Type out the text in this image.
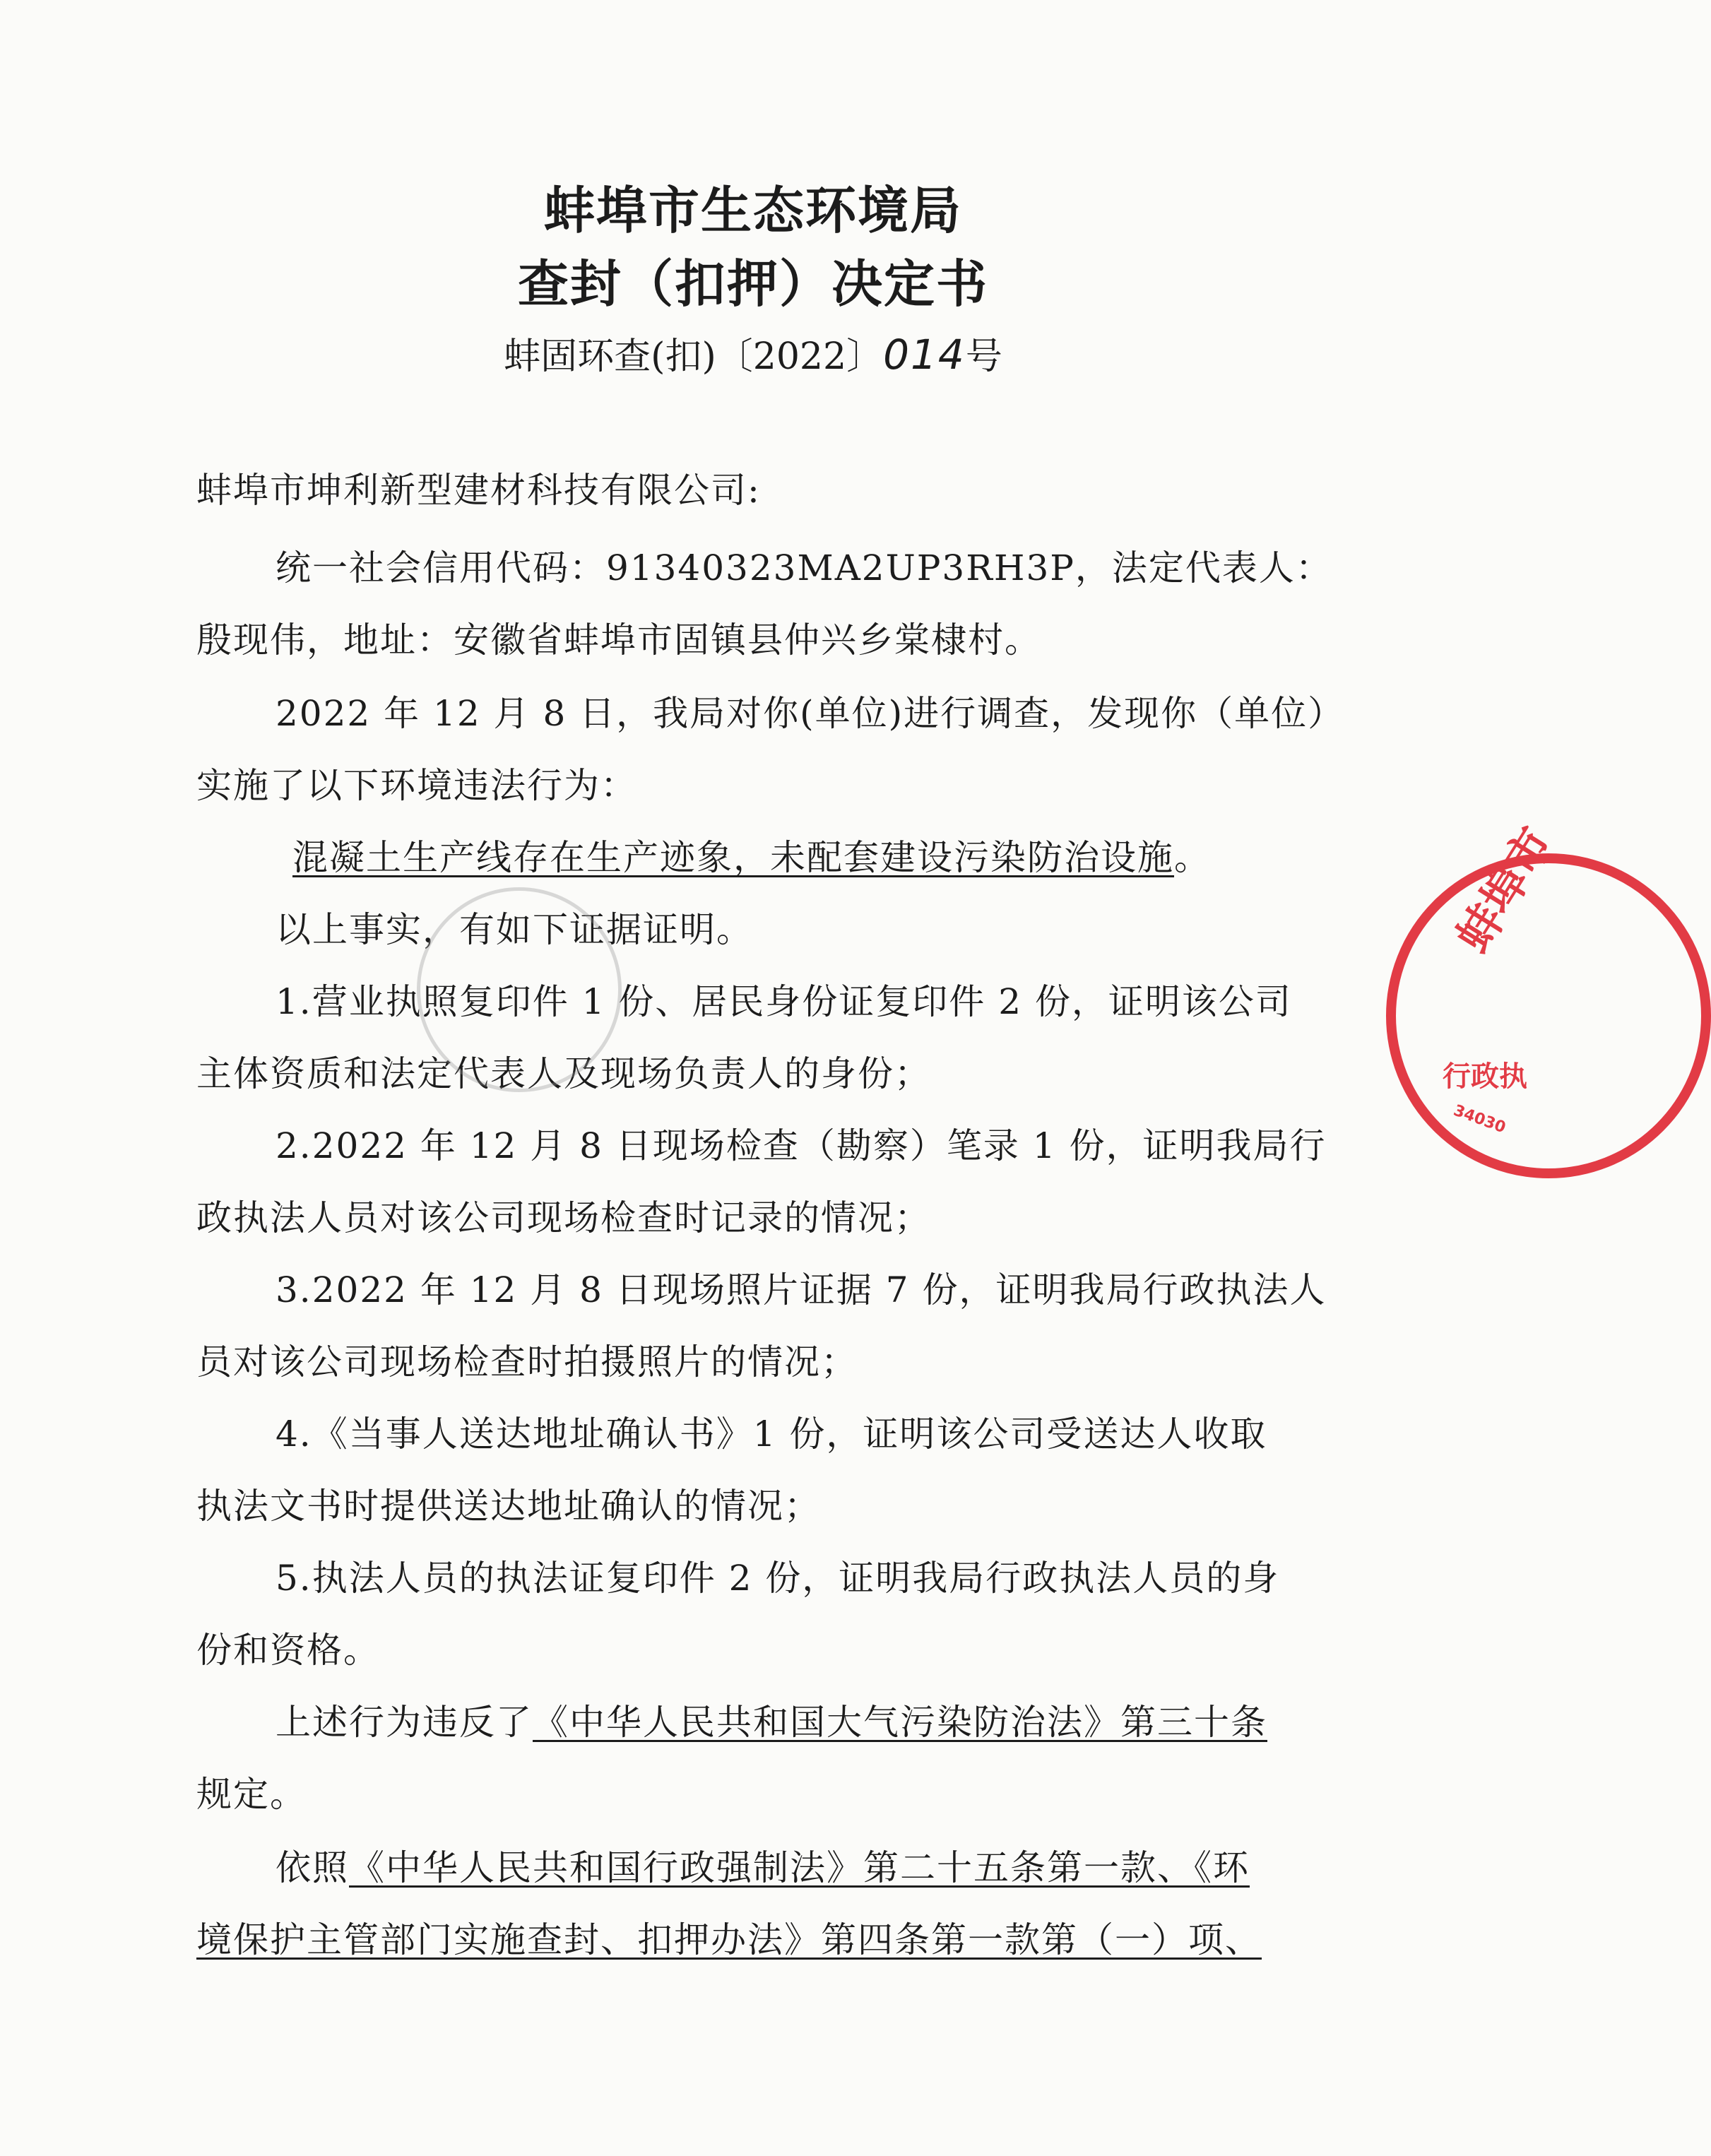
蚌埠市生态环境局
查封（扣押）决定书
蚌固环查(扣)〔2022〕014号
蚌埠市坤利新型建材科技有限公司:
统一社会信用代码：91340323MA2UP3RH3P，法定代表人：
殷现伟，地址：安徽省蚌埠市固镇县仲兴乡棠棣村。
2022 年 12 月 8 日，我局对你(单位)进行调查，发现你（单位）
实施了以下环境违法行为：
混凝土生产线存在生产迹象，未配套建设污染防治设施。
以上事实，有如下证据证明。
1.营业执照复印件 1 份、居民身份证复印件 2 份，证明该公司
主体资质和法定代表人及现场负责人的身份；
2.2022 年 12 月 8 日现场检查（勘察）笔录 1 份，证明我局行
政执法人员对该公司现场检查时记录的情况；
3.2022 年 12 月 8 日现场照片证据 7 份，证明我局行政执法人
员对该公司现场检查时拍摄照片的情况；
4.《当事人送达地址确认书》1 份，证明该公司受送达人收取
执法文书时提供送达地址确认的情况；
5.执法人员的执法证复印件 2 份，证明我局行政执法人员的身
份和资格。
上述行为违反了《中华人民共和国大气污染防治法》第三十条
规定。
依照《中华人民共和国行政强制法》第二十五条第一款、《环
境保护主管部门实施查封、扣押办法》第四条第一款第（一）项、
蚌埠市
行政执
34030
